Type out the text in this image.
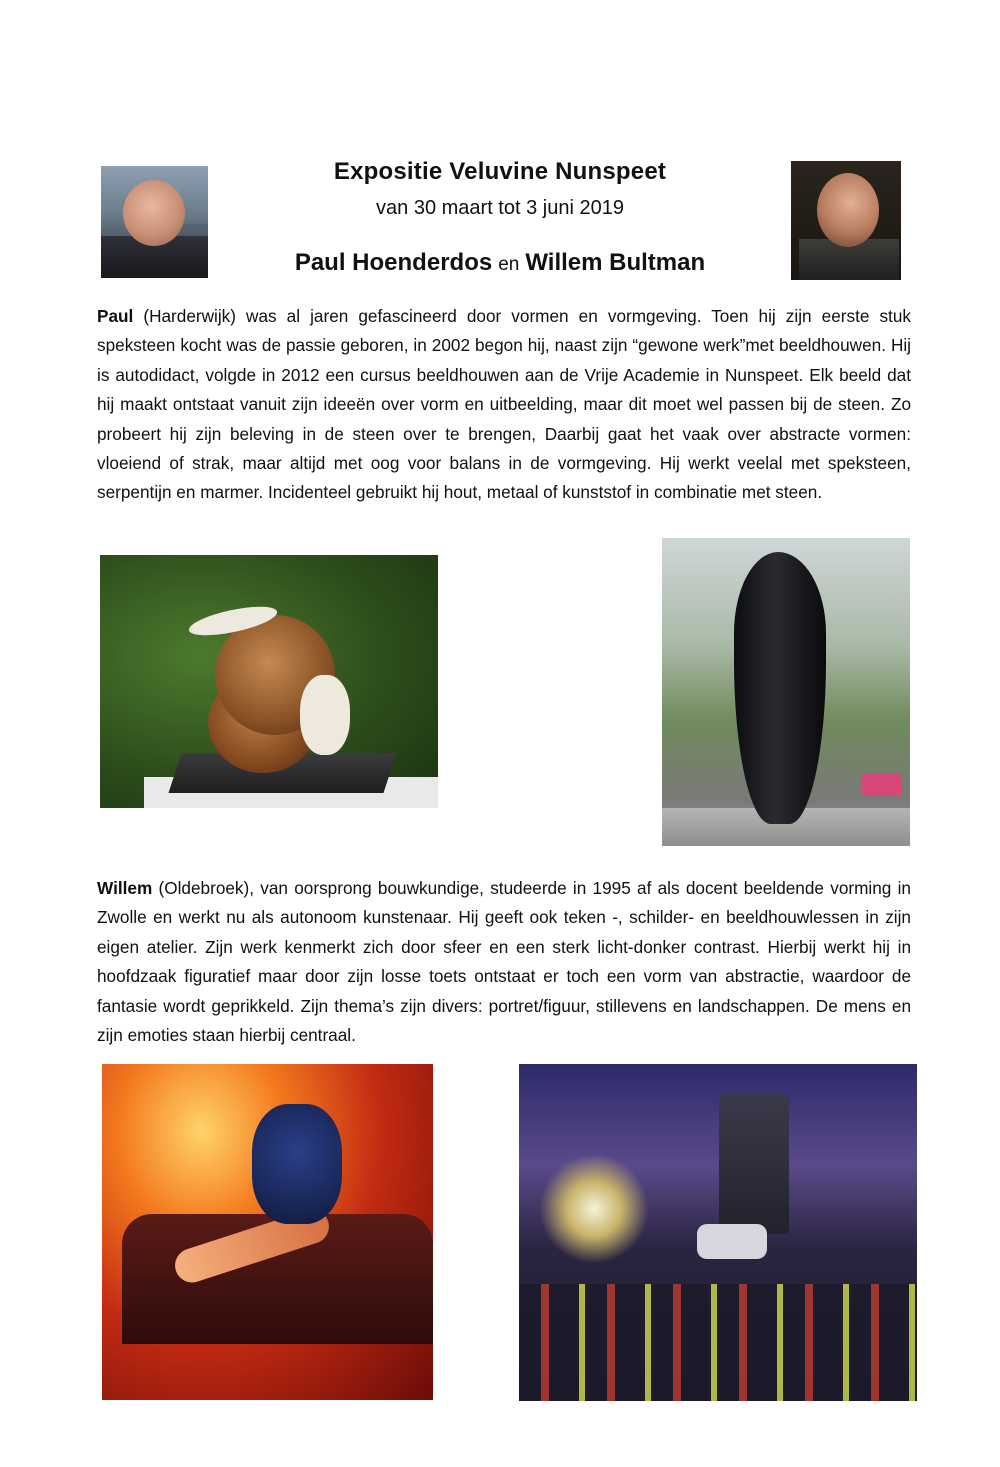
Expositie Veluvine Nunspeet
van 30 maart tot 3 juni 2019
Paul Hoenderdos en Willem Bultman
Paul (Harderwijk) was al jaren gefascineerd door vormen en vormgeving. Toen hij zijn eerste stuk speksteen kocht was de passie geboren, in 2002 begon hij, naast zijn “gewone werk”met beeldhouwen. Hij is autodidact, volgde in 2012 een cursus beeldhouwen aan de Vrije Academie in Nunspeet. Elk beeld dat hij maakt ontstaat vanuit zijn ideeën over vorm en uitbeelding, maar dit moet wel passen bij de steen. Zo probeert hij zijn beleving in de steen over te brengen, Daarbij gaat het vaak over abstracte vormen: vloeiend of strak, maar altijd met oog voor balans in de vormgeving. Hij werkt veelal met speksteen, serpentijn en marmer. Incidenteel gebruikt hij hout, metaal of kunststof in combinatie met steen.
Willem (Oldebroek), van oorsprong bouwkundige, studeerde in 1995 af als docent beeldende vorming in Zwolle en werkt nu als autonoom kunstenaar. Hij geeft ook teken -, schilder- en beeldhouwlessen in zijn eigen atelier. Zijn werk kenmerkt zich door sfeer en een sterk licht-donker contrast. Hierbij werkt hij in hoofdzaak figuratief maar door zijn losse toets ontstaat er toch een vorm van abstractie, waardoor de fantasie wordt geprikkeld. Zijn thema’s zijn divers: portret/figuur, stillevens en landschappen. De mens en zijn emoties staan hierbij centraal.
